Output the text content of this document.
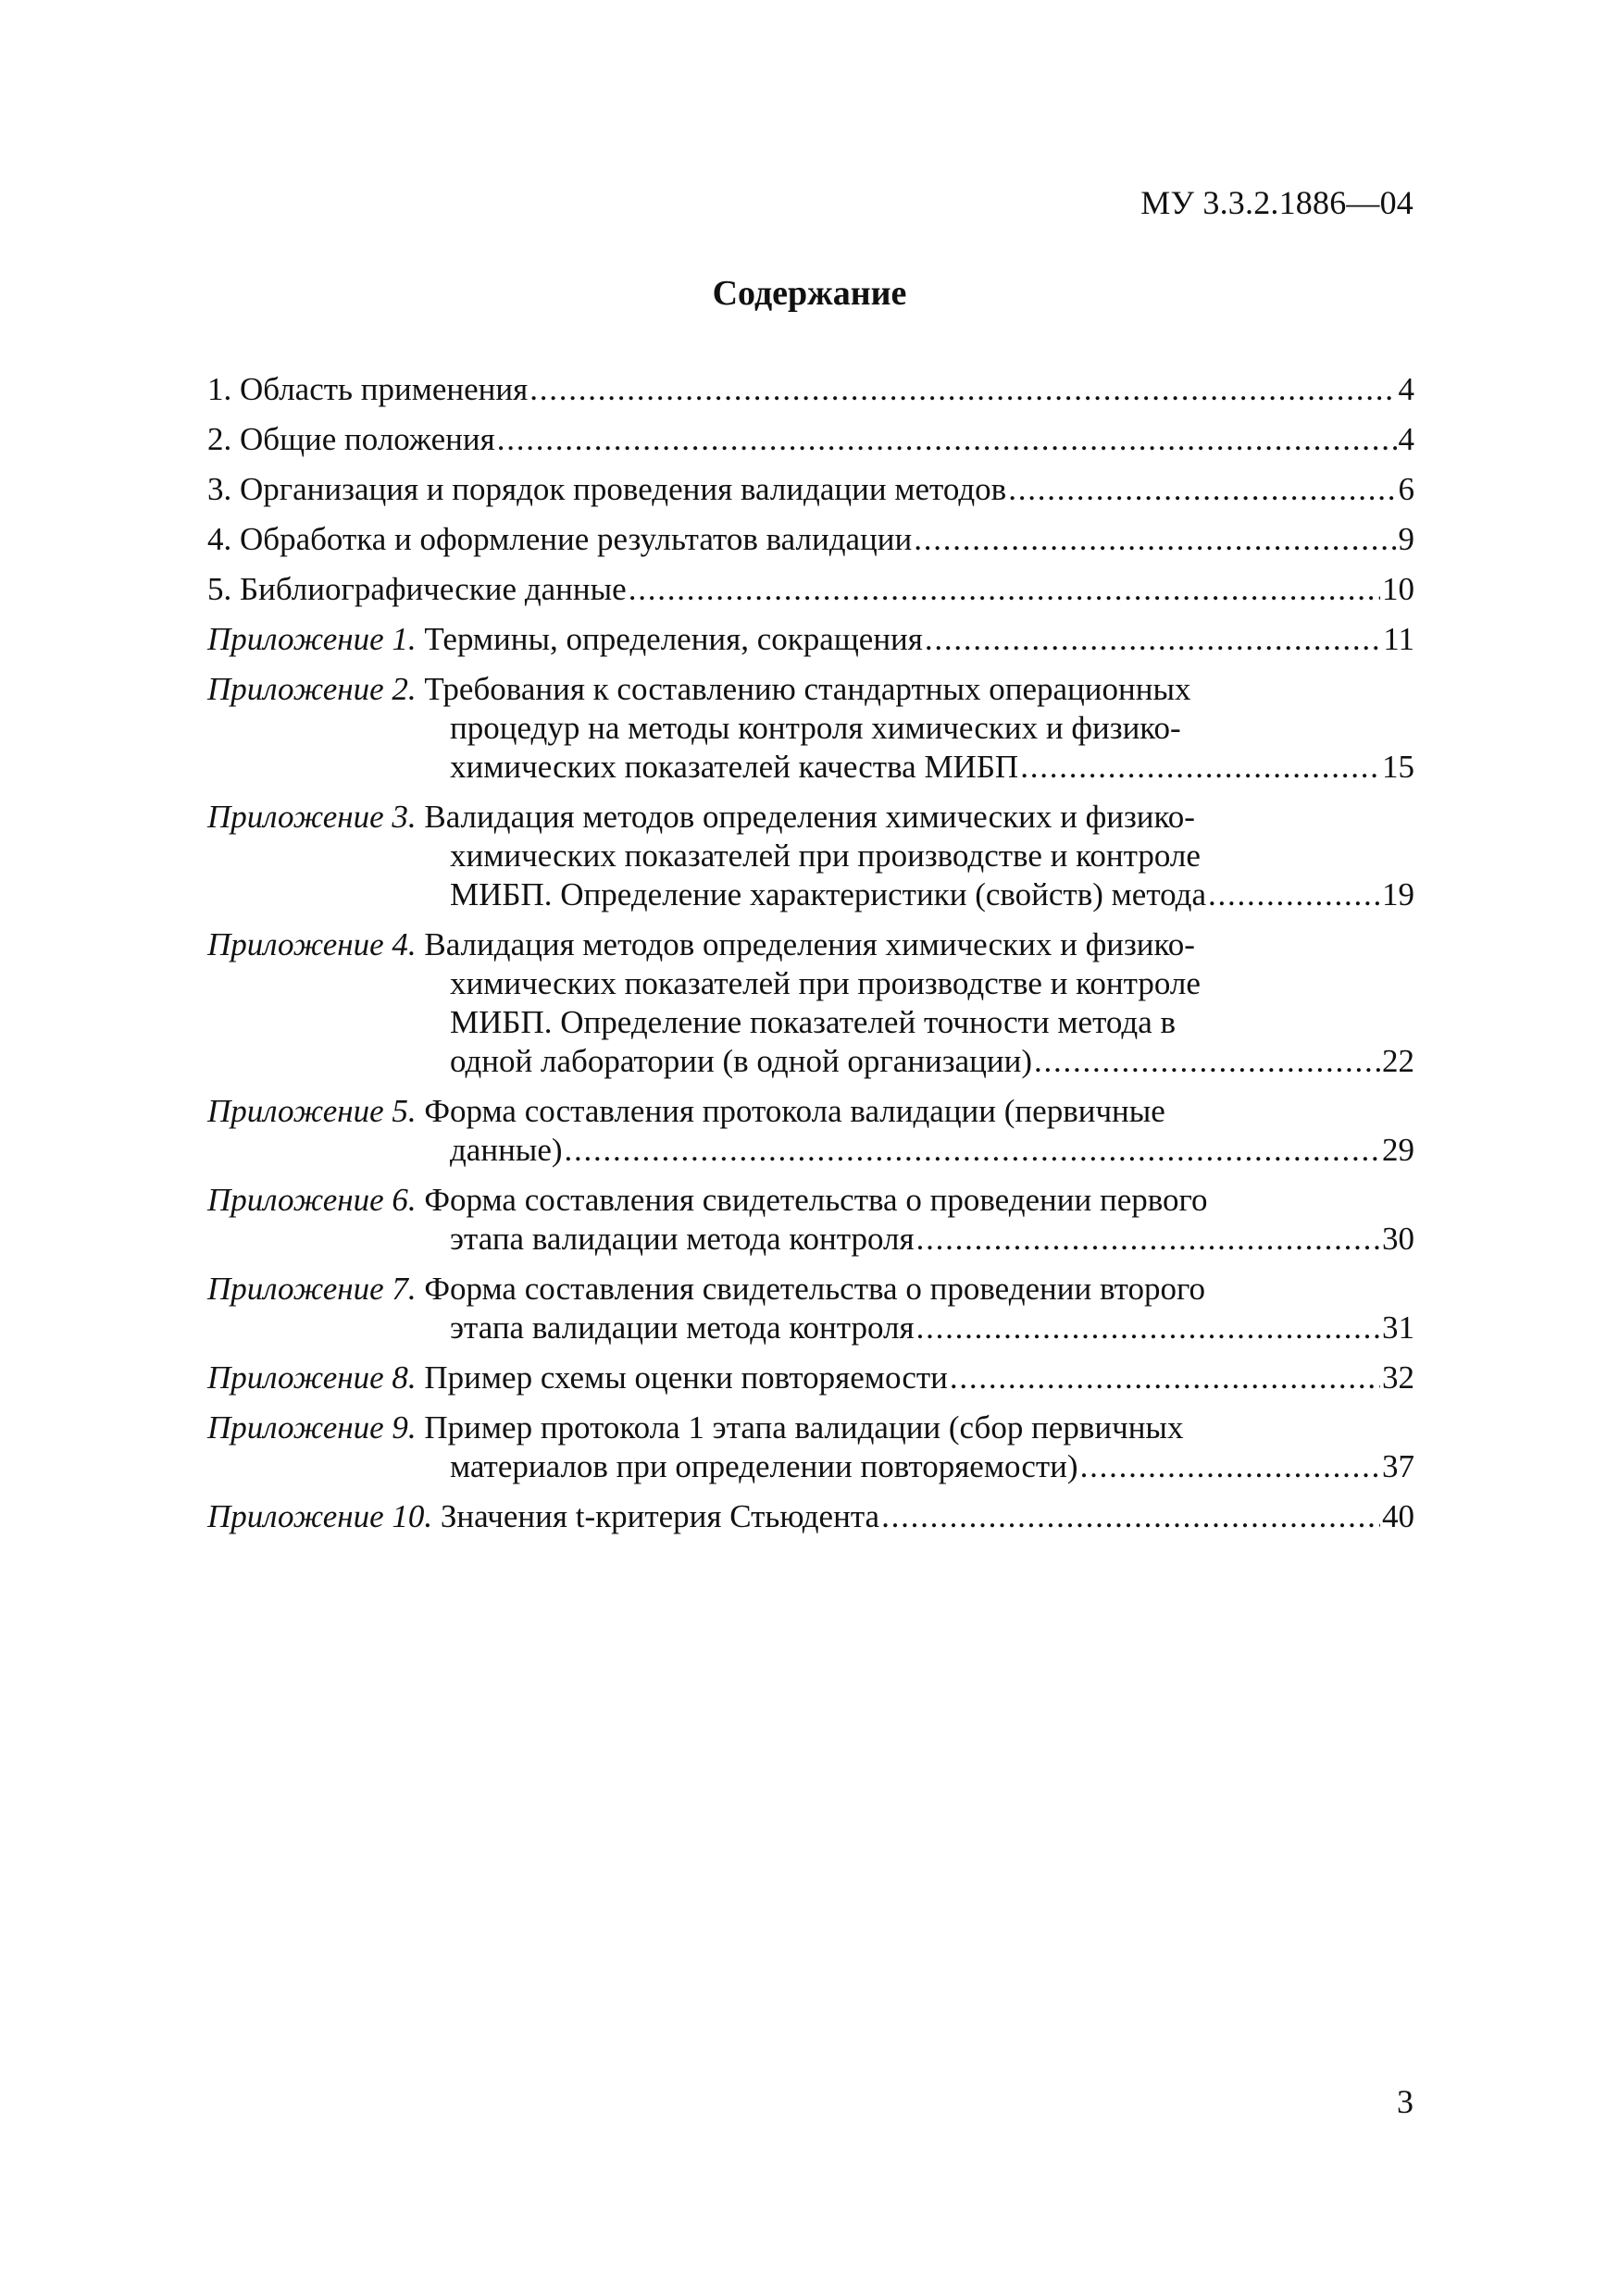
МУ 3.3.2.1886—04
Содержание
1. Область применения . . .	4
2. Общие положения . . .	4
3. Организация и порядок проведения валидации методов . . .	6
4. Обработка и оформление результатов валидации . . .	9
5. Библиографические данные . . .	10
Приложение 1. Термины, определения, сокращения . . .	11
Приложение 2. Требования к составлению стандартных операционных
процедур на методы контроля химических и физико-
химических показателей качества МИБП . . .	15
Приложение 3. Валидация методов определения химических и физико-
химических показателей при производстве и контроле
МИБП. Определение характеристики (свойств) метода . . .	19
Приложение 4. Валидация методов определения химических и физико-
химических показателей при производстве и контроле
МИБП. Определение показателей точности метода в
одной лаборатории (в одной организации) . . .	22
Приложение 5. Форма составления протокола валидации (первичные
данные) . . .	29
Приложение 6. Форма составления свидетельства о проведении первого
этапа валидации метода контроля . . .	30
Приложение 7. Форма составления свидетельства о проведении второго
этапа валидации метода контроля . . .	31
Приложение 8. Пример схемы оценки повторяемости . . .	32
Приложение 9. Пример протокола 1 этапа валидации (сбор первичных
материалов при определении повторяемости) . . .	37
Приложение 10. Значения t-критерия Стьюдента . . .	40
3
